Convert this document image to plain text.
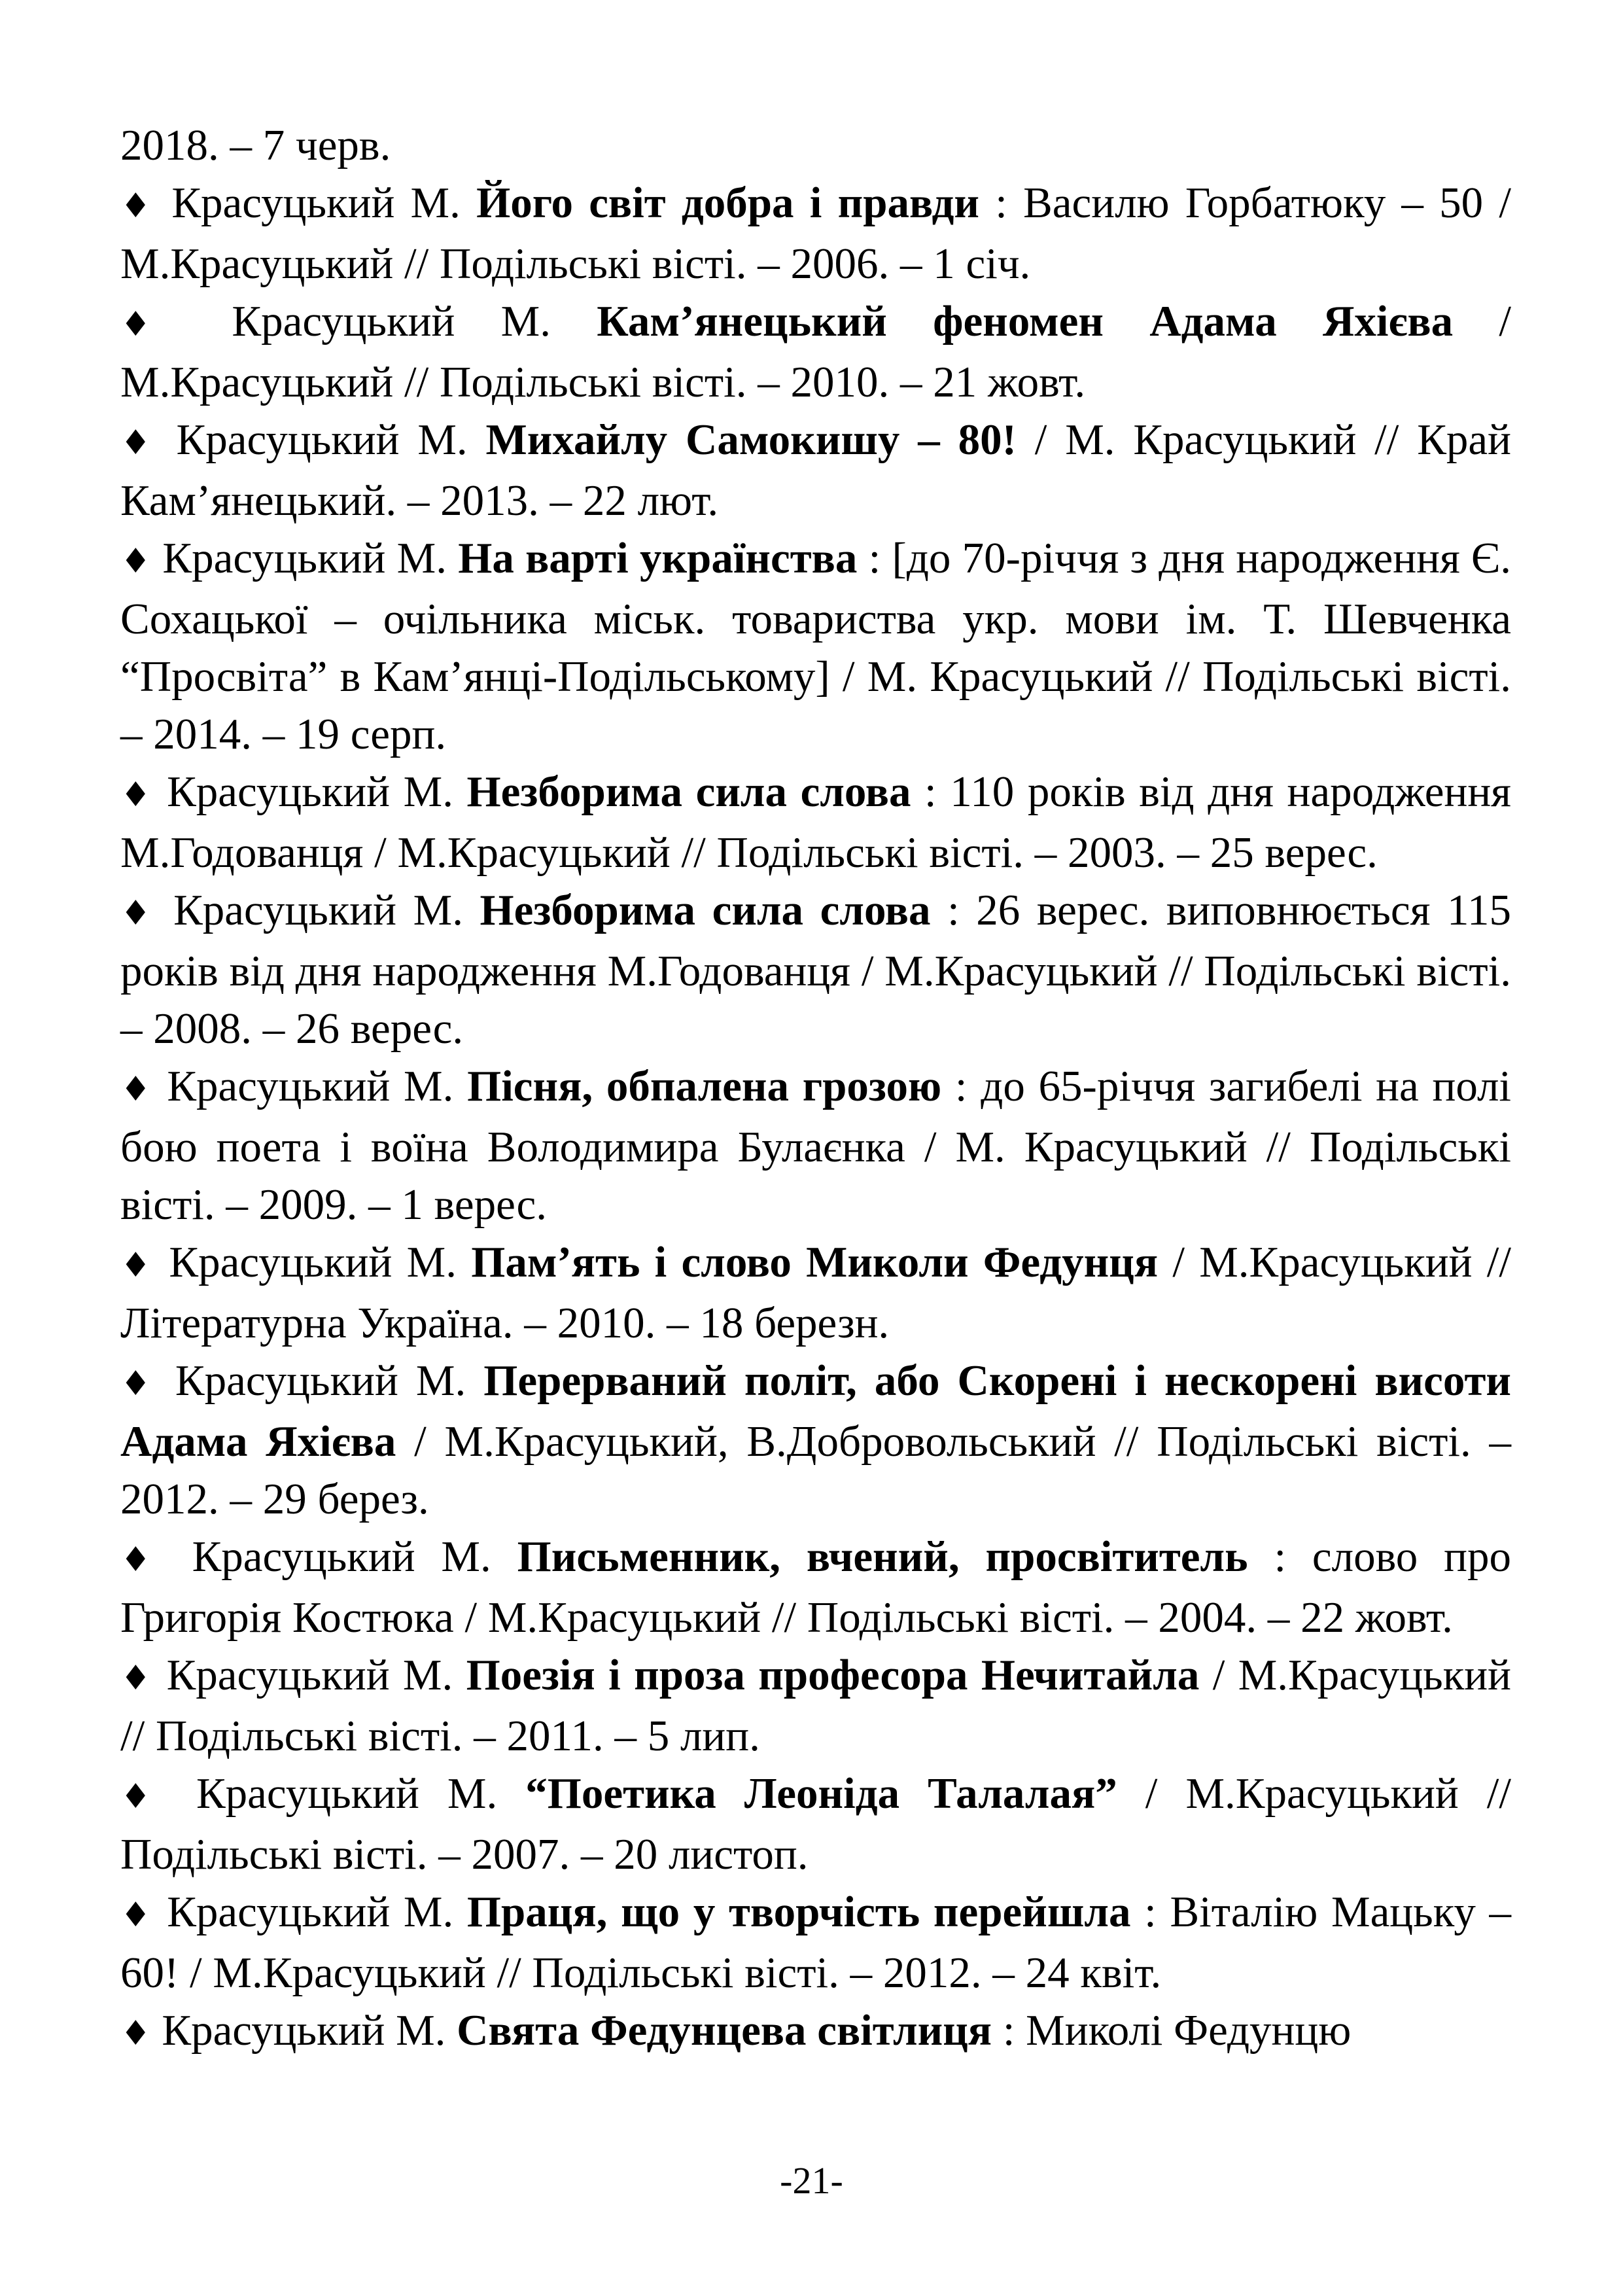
2018. – 7 черв.

♦ Красуцький М. Його світ добра і правди : Василю Горбатюку – 50 / М.Красуцький // Подільські вісті. – 2006. – 1 січ.

♦ Красуцький М. Кам’янецький феномен Адама Яхієва / М.Красуцький // Подільські вісті. – 2010. – 21 жовт.

♦ Красуцький М. Михайлу Самокишу – 80! / М. Красуцький // Край Кам’янецький. – 2013. – 22 лют.

♦ Красуцький М. На варті українства : [до 70-річчя з дня народження Є. Сохацької – очільника міськ. товариства укр. мови ім. Т. Шевченка “Просвіта” в Кам’янці-Подільському] / М. Красуцький // Подільські вісті. – 2014. – 19 серп.

♦ Красуцький М. Незборима сила слова : 110 років від дня народження М.Годованця / М.Красуцький // Подільські вісті. – 2003. – 25 верес.

♦ Красуцький М. Незборима сила слова : 26 верес. виповнюється 115 років від дня народження М.Годованця / М.Красуцький // Подільські вісті. – 2008. – 26 верес.

♦ Красуцький М. Пісня, обпалена грозою : до 65-річчя загибелі на полі бою поета і воїна Володимира Булаєнка / М. Красуцький // Подільські вісті. – 2009. – 1 верес.

♦ Красуцький М. Пам’ять і слово Миколи Федунця / М.Красуцький // Літературна Україна. – 2010. – 18 березн.

♦ Красуцький М. Перерваний політ, або Скорені і нескорені висоти Адама Яхієва / М.Красуцький, В.Добровольський // Подільські вісті. – 2012. – 29 берез.

♦ Красуцький М. Письменник, вчений, просвітитель : слово про Григорія Костюка / М.Красуцький // Подільські вісті. – 2004. – 22 жовт.

♦ Красуцький М. Поезія і проза професора Нечитайла / М.Красуцький // Подільські вісті. – 2011. – 5 лип.

♦ Красуцький М. “Поетика Леоніда Талалая” / М.Красуцький // Подільські вісті. – 2007. – 20 листоп.

♦ Красуцький М. Праця, що у творчість перейшла : Віталію Мацьку – 60! / М.Красуцький // Подільські вісті. – 2012. – 24 квіт.

♦ Красуцький М. Свята Федунцева світлиця : Миколі Федунцю

-21-
